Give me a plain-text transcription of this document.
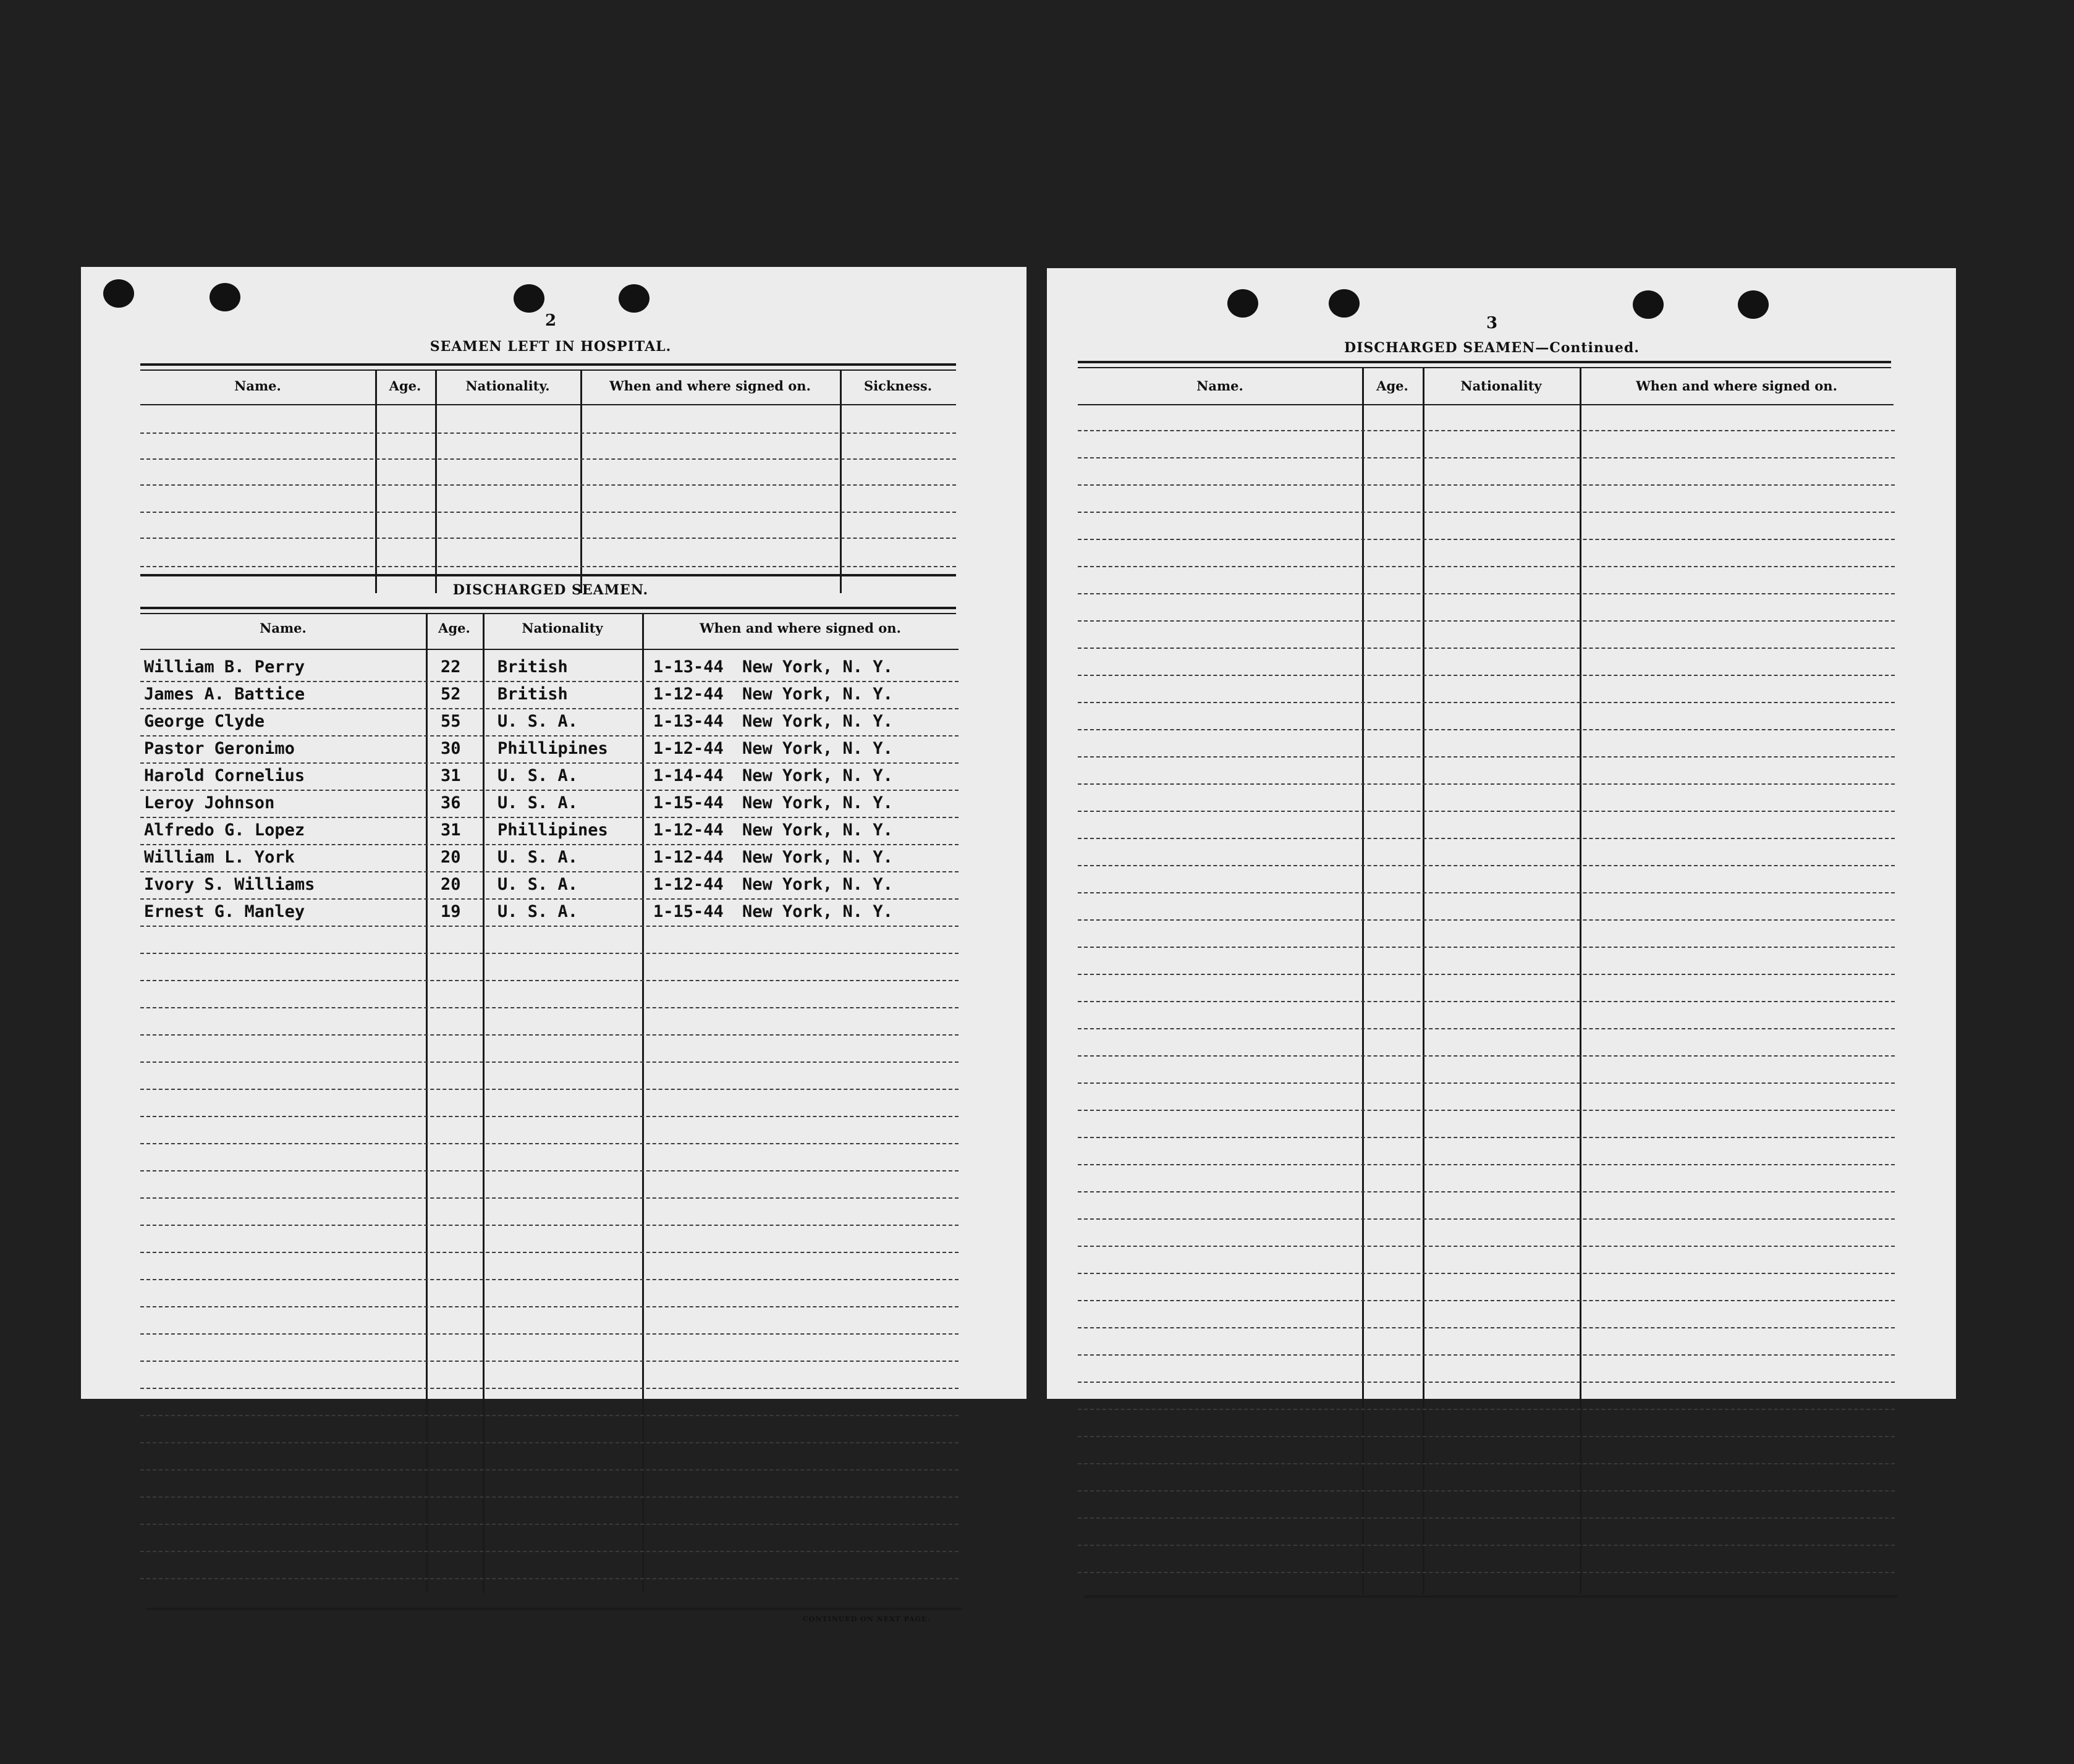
2
SEAMEN LEFT IN HOSPITAL.
Name.	Age.	Nationality.	When and where signed on.	Sickness.
DISCHARGED SEAMEN.
Name.	Age.	Nationality	When and where signed on.
William B. Perry	22 British	1-13-44 New York, N. Y.
James A. Battice	52 British	1-12-44 New York, N. Y.
George Clyde	55 U. S. A.	1-13-44 New York, N. Y.
Pastor Geronimo	30 Phillipines	1-12-44 New York, N. Y.
Harold Cornelius	31 U. S. A.	1-14-44 New York, N. Y.
Leroy Johnson	36 U. S. A.	1-15-44 New York, N. Y.
Alfredo G. Lopez	31 Phillipines	1-12-44 New York, N. Y.
William L. York	20 U. S. A.	1-12-44 New York, N. Y.
Ivory S. Williams	20 U. S. A.	1-12-44 New York, N. Y.
Ernest G. Manley	19 U. S. A.	1-15-44 New York, N. Y.
CONTINUED ON NEXT PAGE.
3
DISCHARGED SEAMEN—Continued.
Name.	Age.	Nationality	When and where signed on.
